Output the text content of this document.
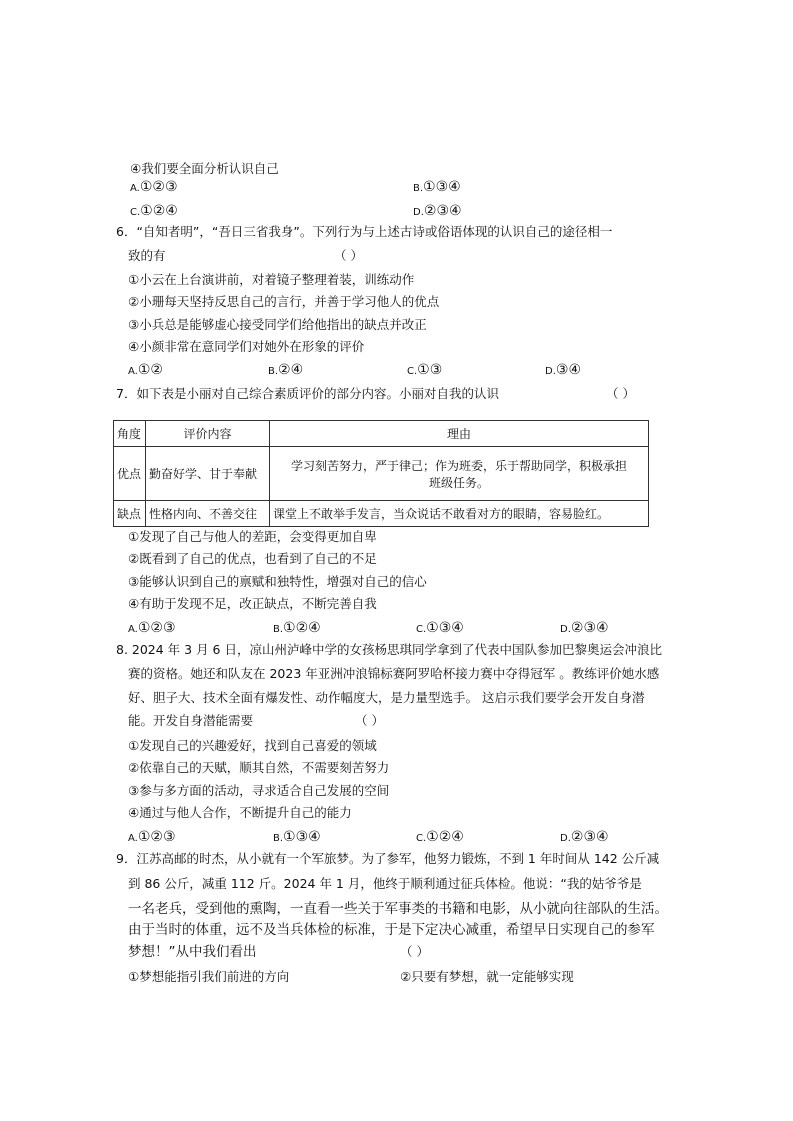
④我们要全面分析认识自己
A.①②③	B.①③④
C.①②④	D.②③④
6．“自知者明”，“吾日三省我身”。下列行为与上述古诗或俗语体现的认识自己的途径相一
致的有	（ ）
①小云在上台演讲前，对着镜子整理着装，训练动作
②小珊每天坚持反思自己的言行，并善于学习他人的优点
③小兵总是能够虚心接受同学们给他指出的缺点并改正
④小颜非常在意同学们对她外在形象的评价
A.①②	B.②④	C.①③	D.③④
7．如下表是小丽对自己综合素质评价的部分内容。小丽对自我的认识	（ ）
角度	评价内容	理由
优点	勤奋好学、甘于奉献	学习刻苦努力，严于律己；作为班委，乐于帮助同学，积极承担
班级任务。

缺点	性格内向、不善交往	课堂上不敢举手发言，当众说话不敢看对方的眼睛，容易脸红。
①发现了自己与他人的差距，会变得更加自卑
②既看到了自己的优点，也看到了自己的不足
③能够认识到自己的禀赋和独特性，增强对自己的信心
④有助于发现不足，改正缺点，不断完善自我
A.①②③	B.①②④	C.①③④	D.②③④
8. 2024 年 3 月 6 日，凉山州泸峰中学的女孩杨思琪同学拿到了代表中国队参加巴黎奥运会冲浪比
赛的资格。她还和队友在 2023 年亚洲冲浪锦标赛阿罗哈杯接力赛中夺得冠军 。教练评价她水感
好、胆子大、技术全面有爆发性、动作幅度大，是力量型选手。 这启示我们要学会开发自身潜
能。开发自身潜能需要	（ ）
①发现自己的兴趣爱好，找到自己喜爱的领域
②依靠自己的天赋，顺其自然，不需要刻苦努力
③参与多方面的活动，寻求适合自己发展的空间
④通过与他人合作，不断提升自己的能力
A.①②③	B.①③④	C.①②④	D.②③④
9．江苏高邮的时杰，从小就有一个军旅梦。为了参军，他努力锻炼，不到 1 年时间从 142 公斤减
到 86 公斤，减重 112 斤。2024 年 1 月，他终于顺利通过征兵体检。他说：“我的姑爷爷是
一名老兵，受到他的熏陶，一直看一些关于军事类的书籍和电影，从小就向往部队的生活。
由于当时的体重，远不及当兵体检的标准，于是下定决心减重，希望早日实现自己的参军
梦想！”从中我们看出	（ ）
①梦想能指引我们前进的方向	②只要有梦想，就一定能够实现
